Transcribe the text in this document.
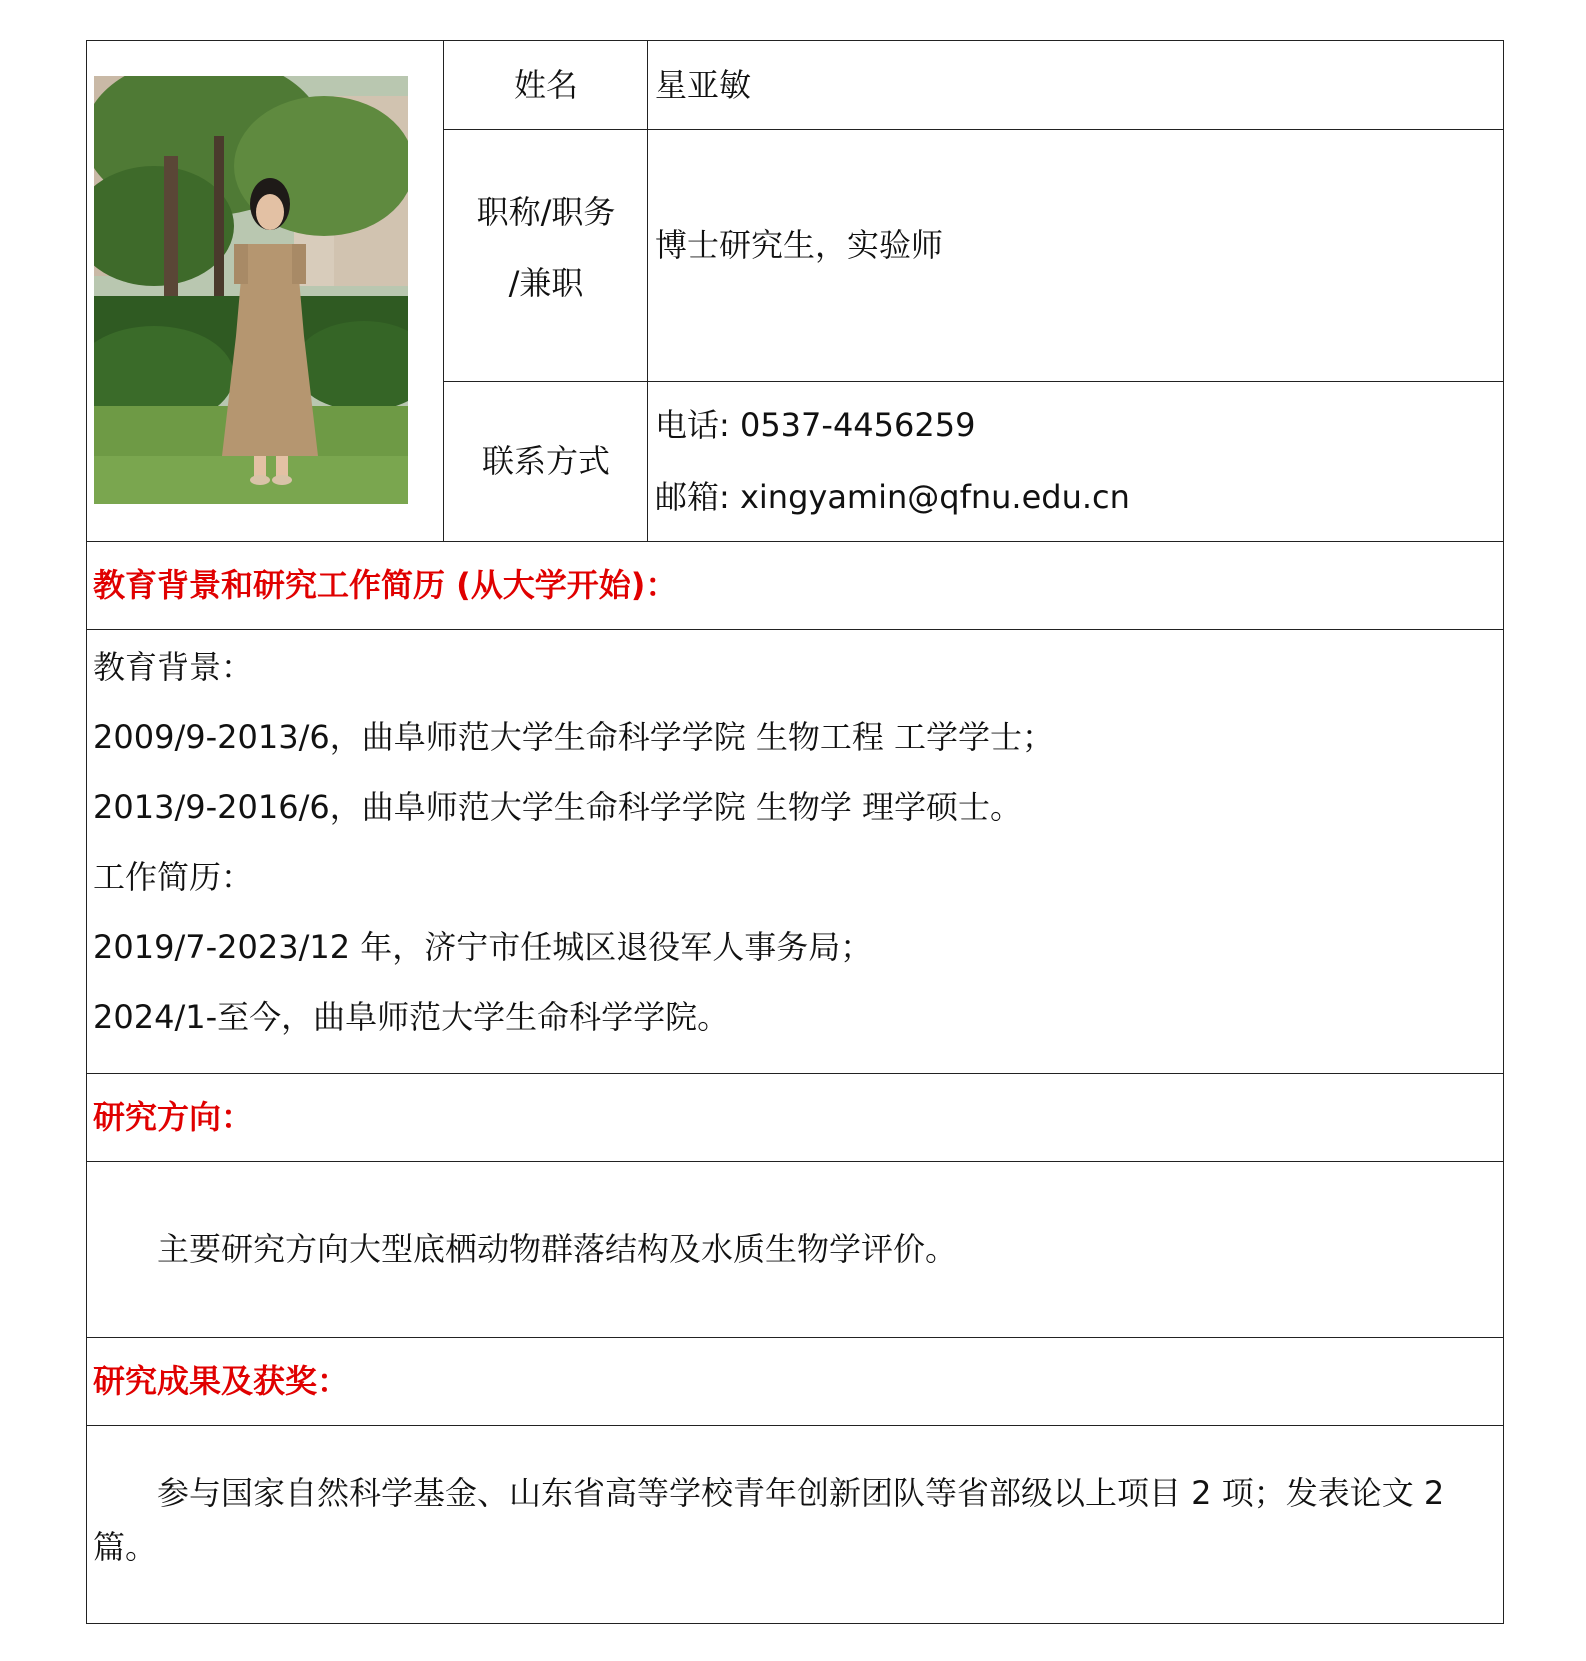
姓名	星亚敏
职称/职务
/兼职
博士研究生，实验师
联系方式
电话: 0537-4456259
邮箱: xingyamin@qfnu.edu.cn
教育背景和研究工作简历 (从大学开始)：
教育背景：
2009/9-2013/6，曲阜师范大学生命科学学院 生物工程 工学学士；
2013/9-2016/6，曲阜师范大学生命科学学院 生物学 理学硕士。
工作简历：
2019/7-2023/12 年，济宁市任城区退役军人事务局；
2024/1-至今，曲阜师范大学生命科学学院。
研究方向：
主要研究方向大型底栖动物群落结构及水质生物学评价。
研究成果及获奖：
参与国家自然科学基金、山东省高等学校青年创新团队等省部级以上项目 2 项；发表论文 2
篇。
